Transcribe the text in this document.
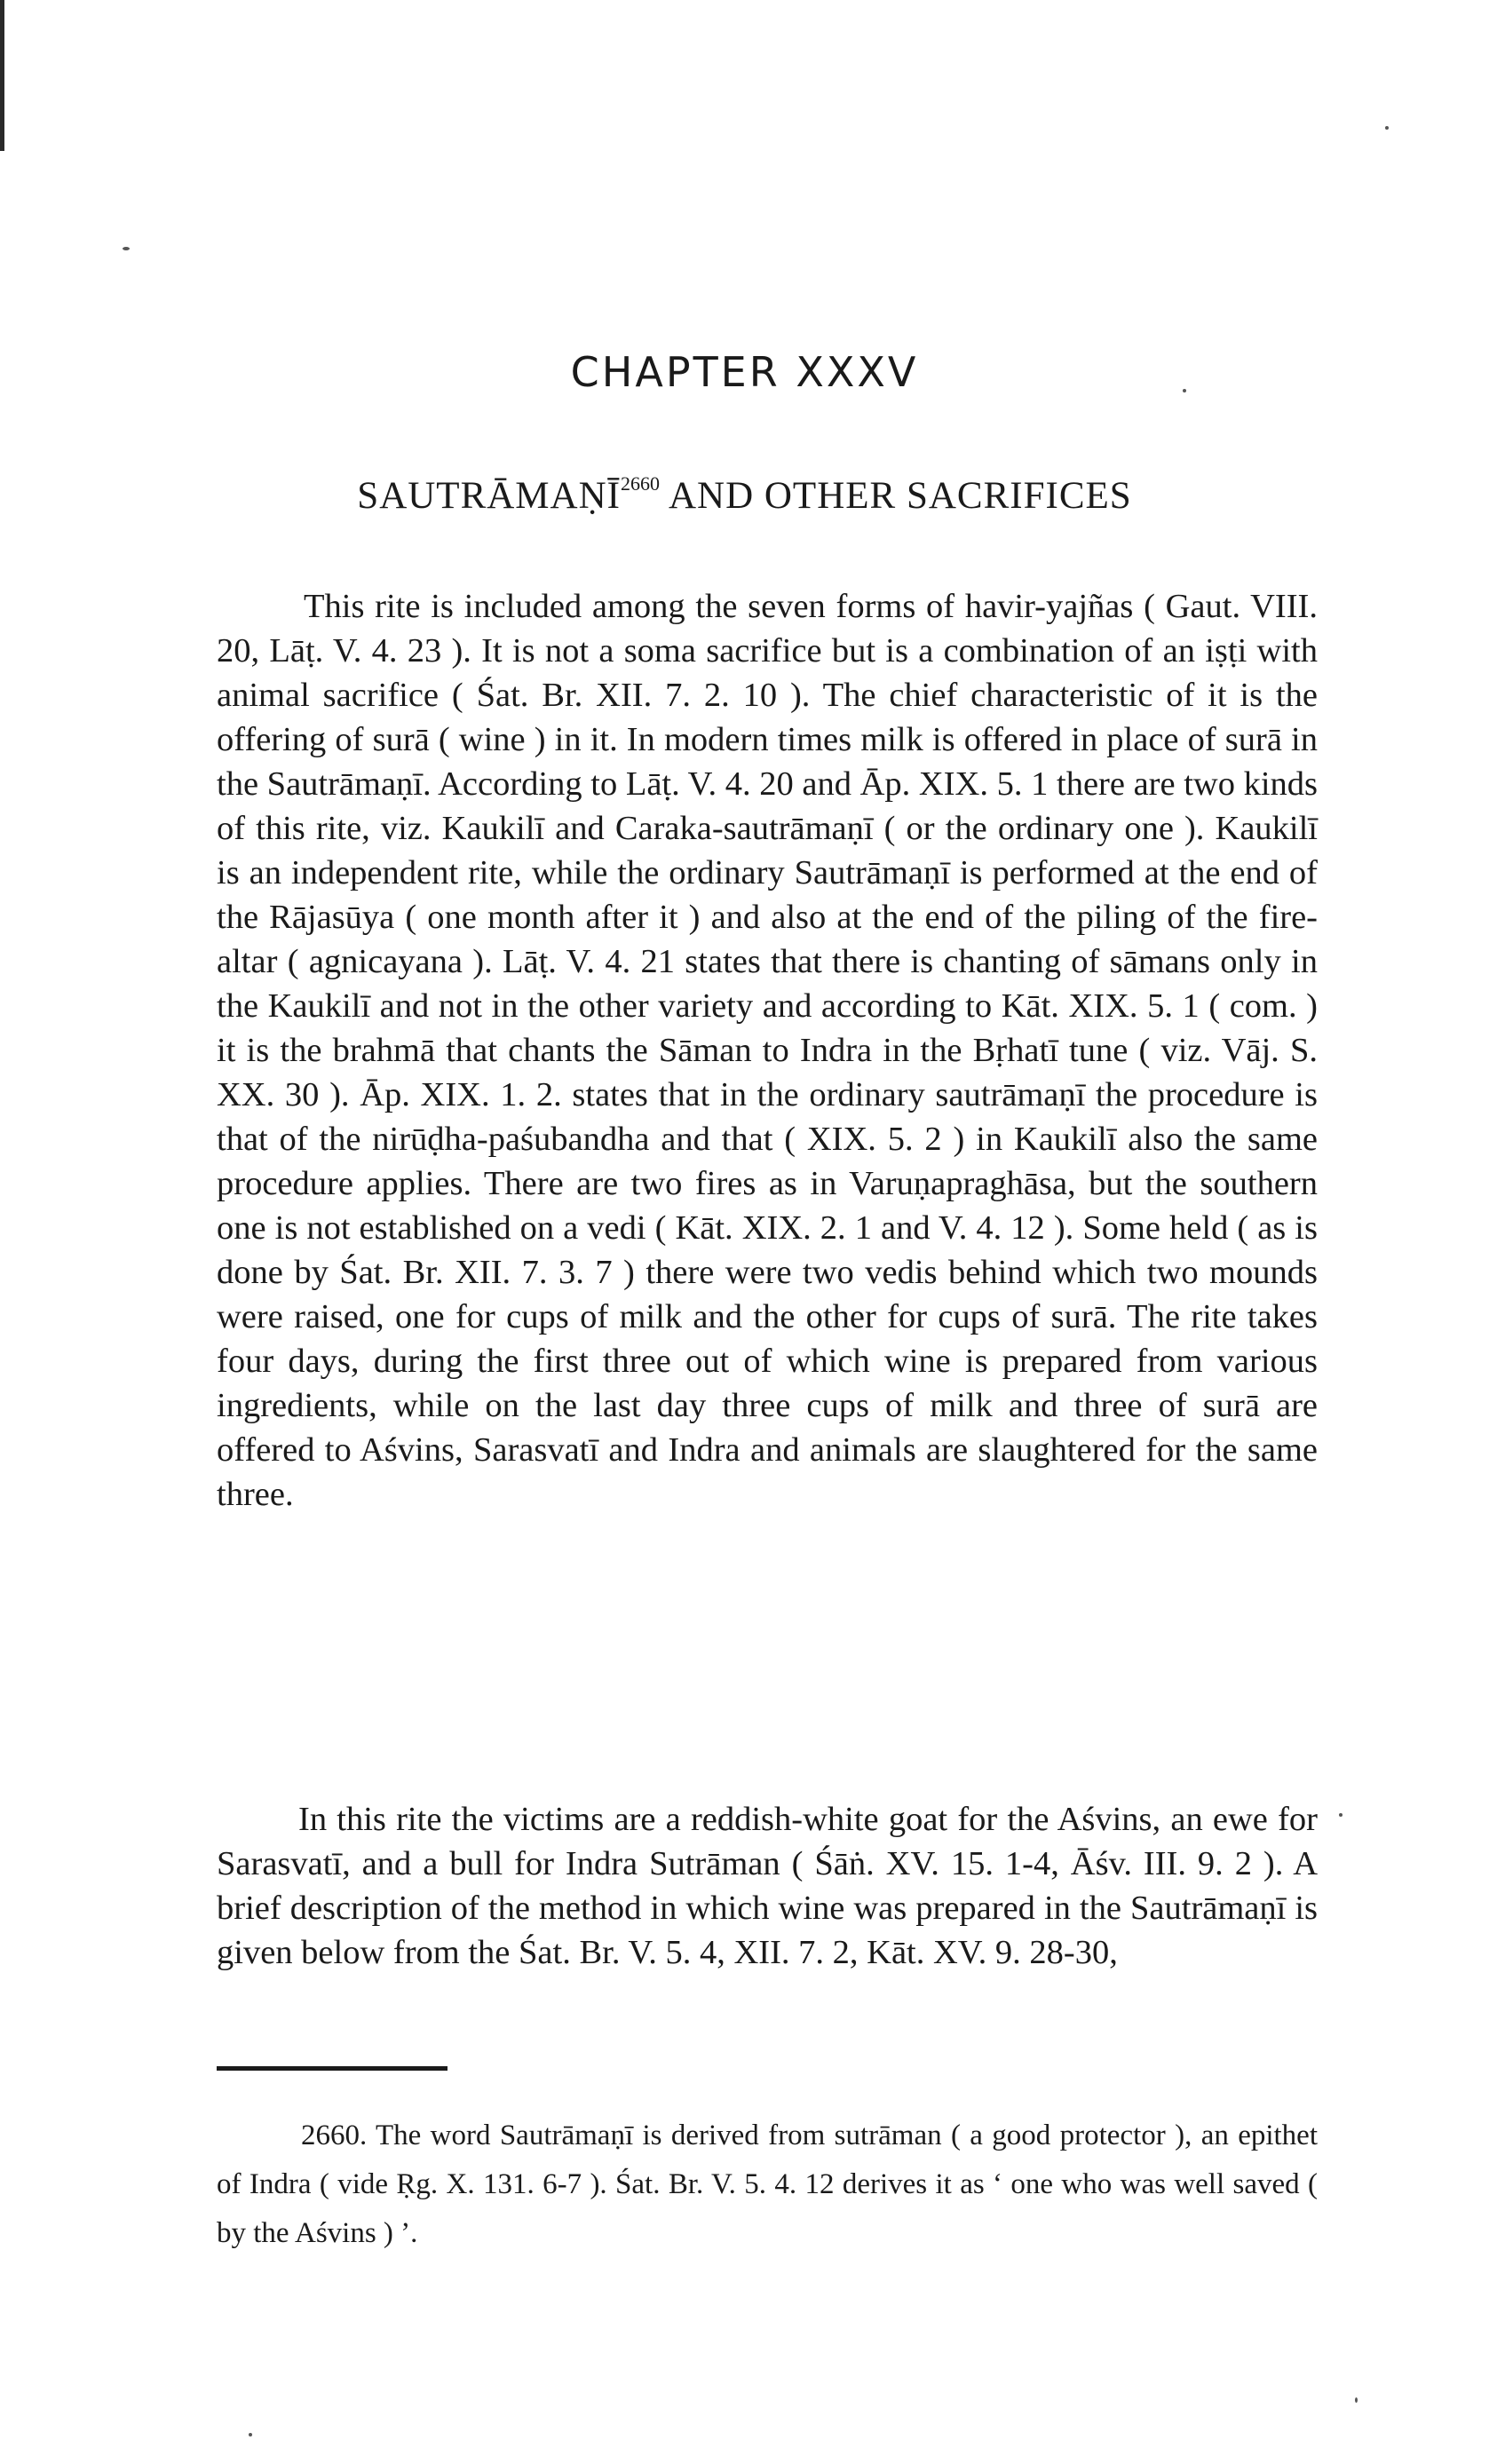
CHAPTER XXXV
SAUTRĀMAṆĪ$^{2660}$ AND OTHER SACRIFICES

This rite is included among the seven forms of havir-yajñas ( Gaut. VIII. 20, Lāṭ. V. 4. 23 ). It is not a soma sacrifice but is a combination of an iṣṭi with animal sacrifice ( Śat. Br. XII. 7. 2. 10 ). The chief characteristic of it is the offering of surā ( wine ) in it. In modern times milk is offered in place of surā in the Sautrāmaṇī. According to Lāṭ. V. 4. 20 and Āp. XIX. 5. 1 there are two kinds of this rite, viz. Kaukilī and Caraka-sautrāmaṇī ( or the ordinary one ). Kaukilī is an independent rite, while the ordinary Sautrāmaṇī is performed at the end of the Rājasūya ( one month after it ) and also at the end of the piling of the fire-altar ( agnicayana ). Lāṭ. V. 4. 21 states that there is chanting of sāmans only in the Kaukilī and not in the other variety and according to Kāt. XIX. 5. 1 ( com. ) it is the brahmā that chants the Sāman to Indra in the Bṛhatī tune ( viz. Vāj. S. XX. 30 ). Āp. XIX. 1. 2. states that in the ordinary sautrāmaṇī the procedure is that of the nirūḍha-paśubandha and that ( XIX. 5. 2 ) in Kaukilī also the same procedure applies. There are two fires as in Varuṇapraghāsa, but the southern one is not established on a vedi ( Kāt. XIX. 2. 1 and V. 4. 12 ). Some held ( as is done by Śat. Br. XII. 7. 3. 7 ) there were two vedis behind which two mounds were raised, one for cups of milk and the other for cups of surā. The rite takes four days, during the first three out of which wine is prepared from various ingredients, while on the last day three cups of milk and three of surā are offered to Aśvins, Sarasvatī and Indra and animals are slaughtered for the same three.

In this rite the victims are a reddish-white goat for the Aśvins, an ewe for Sarasvatī, and a bull for Indra Sutrāman ( Śāṅ. XV. 15. 1-4, Āśv. III. 9. 2 ). A brief description of the method in which wine was prepared in the Sautrāmaṇī is given below from the Śat. Br. V. 5. 4, XII. 7. 2, Kāt. XV. 9. 28-30,

2660. The word Sautrāmaṇī is derived from sutrāman ( a good protector ), an epithet of Indra ( vide Ṛg. X. 131. 6-7 ). Śat. Br. V. 5. 4. 12 derives it as ‘ one who was well saved ( by the Aśvins ) ’.
